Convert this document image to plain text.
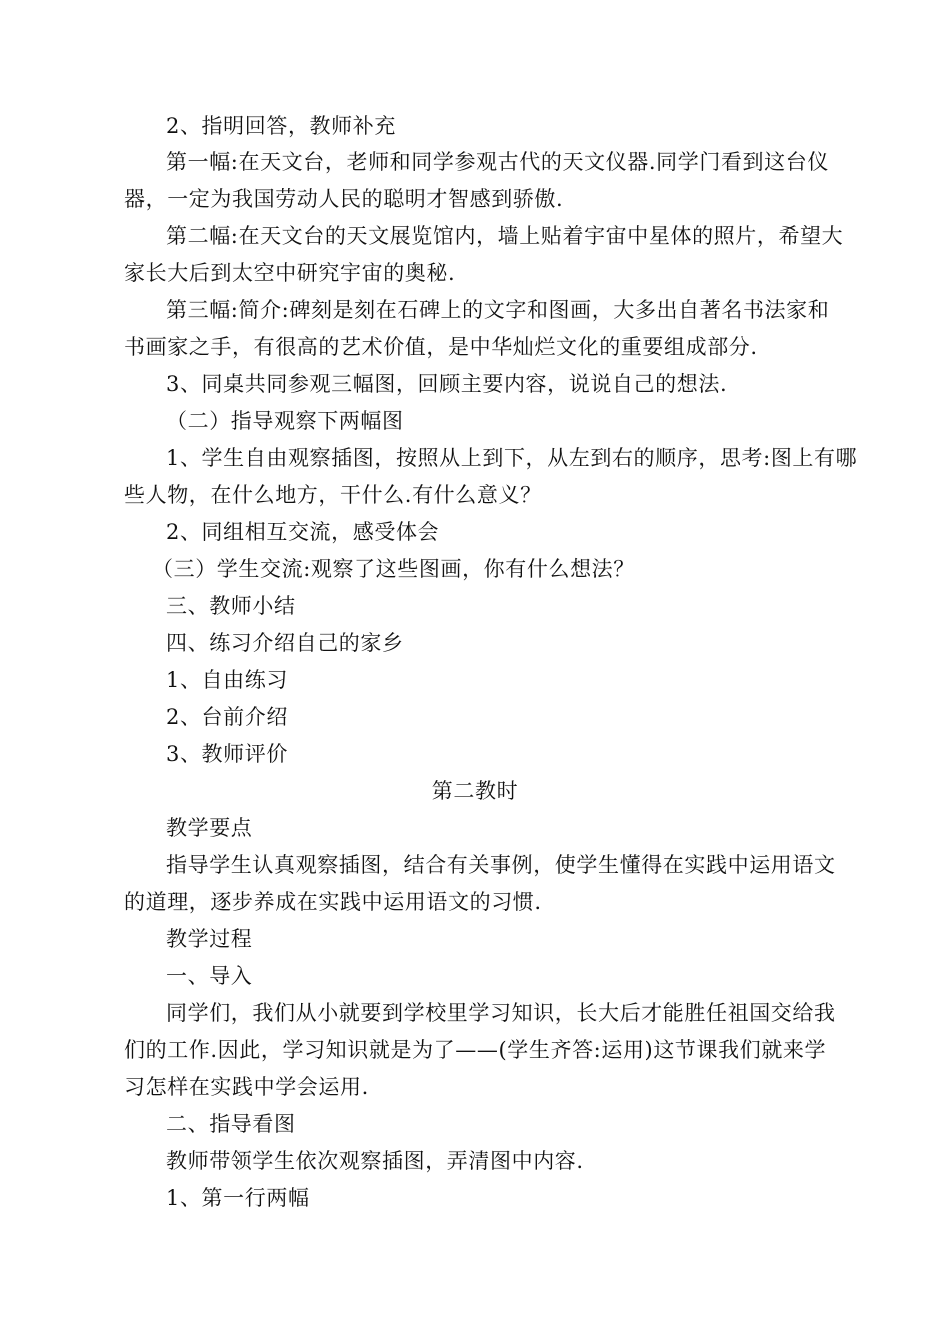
2、指明回答，教师补充
第一幅:在天文台，老师和同学参观古代的天文仪器.同学门看到这台仪
器，一定为我国劳动人民的聪明才智感到骄傲.
第二幅:在天文台的天文展览馆内，墙上贴着宇宙中星体的照片，希望大
家长大后到太空中研究宇宙的奥秘.
第三幅:简介:碑刻是刻在石碑上的文字和图画，大多出自著名书法家和
书画家之手，有很高的艺术价值，是中华灿烂文化的重要组成部分.
3、同桌共同参观三幅图，回顾主要内容，说说自己的想法.
（二）指导观察下两幅图
1、学生自由观察插图，按照从上到下，从左到右的顺序，思考:图上有哪
些人物，在什么地方，干什么.有什么意义？
2、同组相互交流，感受体会
（三）学生交流:观察了这些图画，你有什么想法？
三、教师小结
四、练习介绍自己的家乡
1、自由练习
2、台前介绍
3、教师评价
第二教时
教学要点
指导学生认真观察插图，结合有关事例，使学生懂得在实践中运用语文
的道理，逐步养成在实践中运用语文的习惯.
教学过程
一、导入
同学们，我们从小就要到学校里学习知识，长大后才能胜任祖国交给我
们的工作.因此，学习知识就是为了——(学生齐答:运用)这节课我们就来学
习怎样在实践中学会运用.
二、指导看图
教师带领学生依次观察插图，弄清图中内容.
1、第一行两幅
